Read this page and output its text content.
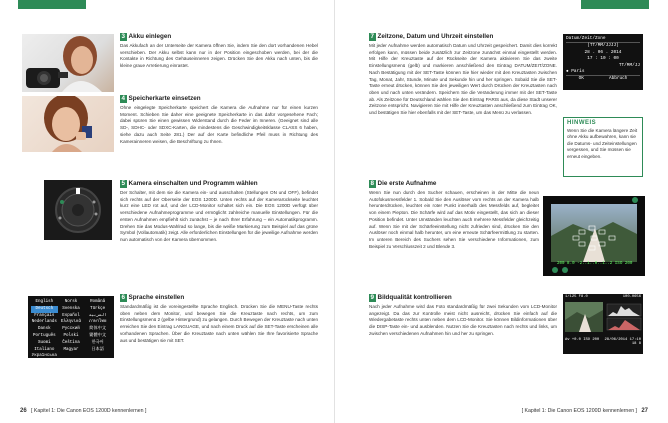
English	Norsk	Română
Deutsch	Svenska	Türkçe
Français	Español	العربية
Nederlands Ελληνικά	ภาษาไทย
Dansk	Русский	简体中文
Português	Polski	繁體中文
Suomi	Čeština	한국어
Italiano	Magyar	日本語
Українська
3 Akku einlegen
Das Akkufach an der Unterseite der Kamera öffnen Sie, indem Sie den dort vorhandenen Hebel verschieben. Der Akku selbst kann nur in der Position eingeschoben werden, bei der die Kontakte in Richtung des Gehäuseinneren zeigen. Drücken Sie den Akku nach unten, bis die kleine graue Arretierung einrastet.
4 Speicherkarte einsetzen
Ohne eingelegte Speicherkarte speichert die Kamera die Aufnahme nur für einen kurzen Moment. Schieben Sie daher eine geeignete Speicherkarte in das dafür vorgesehene Fach; dabei spüren Sie einen gewissen Widerstand durch die Feder im Inneren. (Geeignet sind alle SD-, SDHC- oder SDXC-Karten, die mindestens die Geschwindigkeitsklasse CLASS 6 haben, siehe dazu auch Seite 281.) Der auf der Karte befindliche Pfeil muss in Richtung des Kamerainneren weisen, die Beschriftung zu Ihnen.
5 Kamera einschalten und Programm wählen
Der Schalter, mit dem sie die Kamera ein- und ausschalten (Stellungen ON und OFF), befindet sich rechts auf der Oberseite der EOS 1200D. Unten rechts auf der Kamerarückseite leuchtet kurz eine LED rot auf, und der LCD-Monitor schaltet sich ein. Die EOS 1200D verfügt über verschiedene Aufnahmeprogramme und ermöglicht zahlreiche manuelle Einstellungen. Für die ersten Aufnahmen empfiehlt sich zunächst – je nach Ihrer Erfahrung – ein Automatikprogramm. Drehen Sie das Modus-Wahlrad so lange, bis die weiße Markierung zum Beispiel auf das grüne Symbol (Vollautomatik) zeigt. Alle erforderlichen Einstellungen für die jeweilige Aufnahme werden nun automatisch von der Kamera übernommen.
6 Sprache einstellen
Standardmäßig ist die voreingestellte Sprache Englisch. Drücken Sie die MENU-Taste rechts oben neben dem Monitor, und bewegen Sie die Kreuztaste nach rechts, um zum Einstellungsmenü 2 (gelbe Hintergrund) zu gelangen. Durch Bewegen der Kreuztaste nach unten erreichen Sie den Eintrag LANGUAGE, und nach einem Druck auf die SET-Taste erscheinen alle vorhandenen Sprachen. Über die Kreuztaste nach unten wählen Sie Ihre favorisierte Sprache aus und bestätigen sie mit SET.
26   [ Kapitel 1: Die Canon EOS 1200D kennenlernen ]
7 Zeitzone, Datum und Uhrzeit einstellen
Mit jeder Aufnahme werden automatisch Datum und Uhrzeit gespeichert. Damit dies korrekt erfolgen kann, müssen beide zusätzlich zur Zeitzone zunächst einmal eingestellt werden. Mit Hilfe der Kreuztaste auf der Rückseite der Kamera aktivieren Sie das zweite Einstellungsmenü (gelb) und markieren anschließend den Eintrag DATUM/ZEIT/ZONE. Nach Bestätigung mit der SET-Taste können Sie hier wieder mit den Kreuztasten zwischen Tag, Monat, Jahr, Stunde, Minute und Sekunde hin und her springen. Sobald Sie die SET-Taste erneut drücken, können Sie den jeweiligen Wert durch Drücken der Kreuztasten nach oben und nach unten verändern. Speichern Sie die Veränderung immer mit der SET-Taste ab. Als Zeitzone für Deutschland wählen Sie den Eintrag PARIS aus, da diese Stadt unserer Zeitzone entspricht. Navigieren Sie mit Hilfe der Kreuztasten anschließend zum Eintrag OK, und bestätigen Sie hier ebenfalls mit der SET-Taste, um das Menü zu verlassen.
Datum/Zeit/Zone
(TT/MM/JJJJ)
28 . 06 . 2014
17 : 10 : 00
TT/MM/JJ
● Paris
OK	Abbruch
HINWEIS
Wenn Sie die Kamera längere Zeit ohne Akku aufbewahren, kann sie die Datums- und Zeiteinstellungen vergessen, und Sie müssen sie erneut eingeben.
8 Die erste Aufnahme
Wenn Sie nun durch den Sucher schauen, erscheinen in der Mitte die neun Autofokusmessfelder 1. Sobald Sie den Auslöser vorn rechts an der Kamera halb herunterdrücken, leuchtet ein roter Punkt innerhalb des Messfelds auf, begleitet von einem Piepton. Die Schärfe wird auf das Motiv eingestellt, das sich an dieser Position befindet. Unter Umständen leuchten auch mehrere Messfelder gleichzeitig auf. Wenn Sie mit der Schärfeeinstellung nicht zufrieden sind, drücken Sie den Auslöser noch einmal halb herunter, um eine erneute Schärfeermittlung zu starten. Im unteren Bereich des Suchers sehen Sie verschiedene Informationen, zum Beispiel zu Verschlusszeit 2 und Blende 3.
200 8.0 -2..1..0..1..2 ISO 200
9 Bildqualität kontrollieren
Nach jeder Aufnahme wird das Foto standardmäßig für zwei Sekunden vom LCD-Monitor angezeigt. Da das zur Kontrolle meist nicht ausreicht, drücken Sie einfach auf die Wiedergabetaste rechts unten neben dem LCD-Monitor. Sie können Bildinformationen über die DISP-Taste ein- und ausblenden. Nutzen Sie die Kreuztasten nach rechts und links, um zwischen verschiedenen Aufnahmen hin und her zu springen.
1/125 F8.0	100-0656
Av +0.0 ISO 200 28/06/2014 17:10
18 8
[ Kapitel 1: Die Canon EOS 1200D kennenlernen ]   27
